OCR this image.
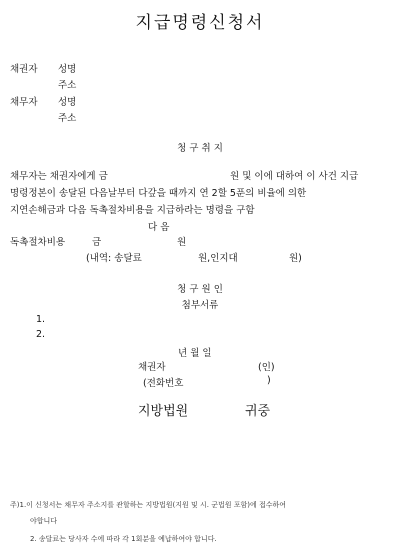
지급명령신청서
채권자 성명
주소
채무자 성명
주소
청 구 취 지
채무자는 채권자에게 금	원 및 이에 대하여 이 사건 지급
명령정본이 송달된 다음날부터 다갚을 때까지 연 2할 5푼의 비율에 의한
지연손해금과 다음 독촉절차비용을 지급하라는 명령을 구함
다 음
독촉절차비용	금	원
(내역: 송달료	원,인지대	원)
청 구 원 인
첨부서류
1.
2.
년 월 일
채권자	(인)
(전화번호	)
지방법원	귀중
주)1.이 신청서는 채무자 주소지를 관할하는 지방법원(지원 및 시. 군법원 포함)에 접수하여
야합니다
2. 송달료는 당사자 수에 따라 각 1회분을 예납하여야 합니다.
